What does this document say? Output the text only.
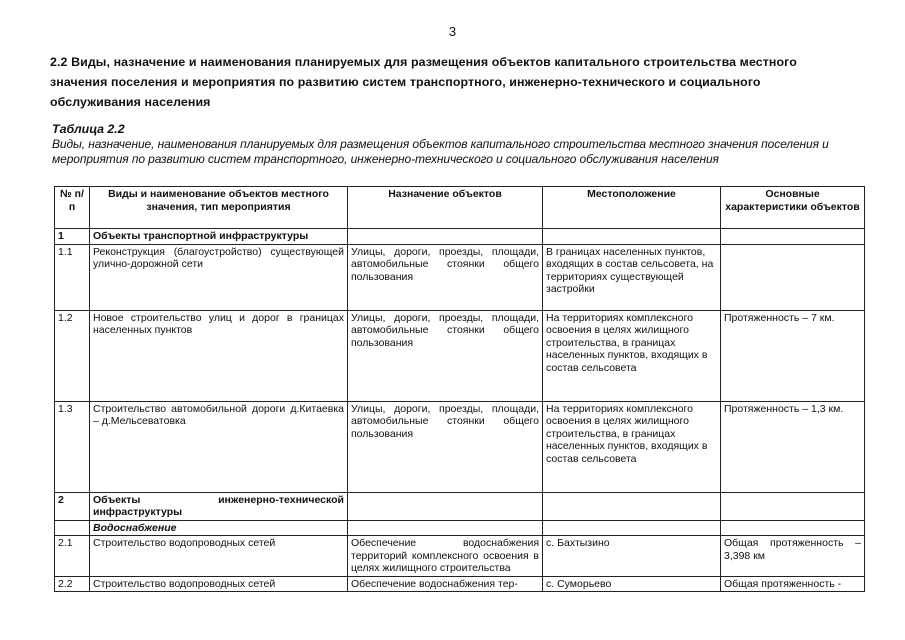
3
2.2 Виды, назначение и наименования планируемых для размещения объектов капитального строительства местного значения поселения и мероприятия по развитию систем транспортного, инженерно-технического и социального обслуживания населения
Таблица 2.2
Виды, назначение, наименования планируемых для размещения объектов капитального строительства местного значения поселения и мероприятия по развитию систем транспортного, инженерно-технического и социального обслуживания населения
№ п/п	Виды и наименование объектов местного значения, тип мероприятия	Назначение объектов	Местоположение	Основные характеристики объектов
1	Объекты транспортной инфраструктуры			
1.1	Реконструкция (благоустройство) существующей улично-дорожной сети	Улицы, дороги, проезды, площади, автомобильные стоянки общего пользования	В границах населенных пунктов, входящих в состав сельсовета, на территориях существующей застройки	
1.2	Новое строительство улиц и дорог в границах населенных пунктов	Улицы, дороги, проезды, площади, автомобильные стоянки общего пользования	На территориях комплексного освоения в целях жилищного строительства, в границах населенных пунктов, входящих в состав сельсовета	Протяженность – 7 км.
1.3	Строительство автомобильной дороги д.Китаевка – д.Мельсеватовка	Улицы, дороги, проезды, площади, автомобильные стоянки общего пользования	На территориях комплексного освоения в целях жилищного строительства, в границах населенных пунктов, входящих в состав сельсовета	Протяженность – 1,3 км.
2	Объекты инженерно-технической инфраструктуры			
	Водоснабжение			
2.1	Строительство водопроводных сетей	Обеспечение водоснабжения территорий комплексного освоения в целях жилищного строительства	с. Бахтызино	Общая протяженность – 3,398 км
2.2	Строительство водопроводных сетей	Обеспечение водоснабжения тер-	с. Суморьево	Общая протяженность -
